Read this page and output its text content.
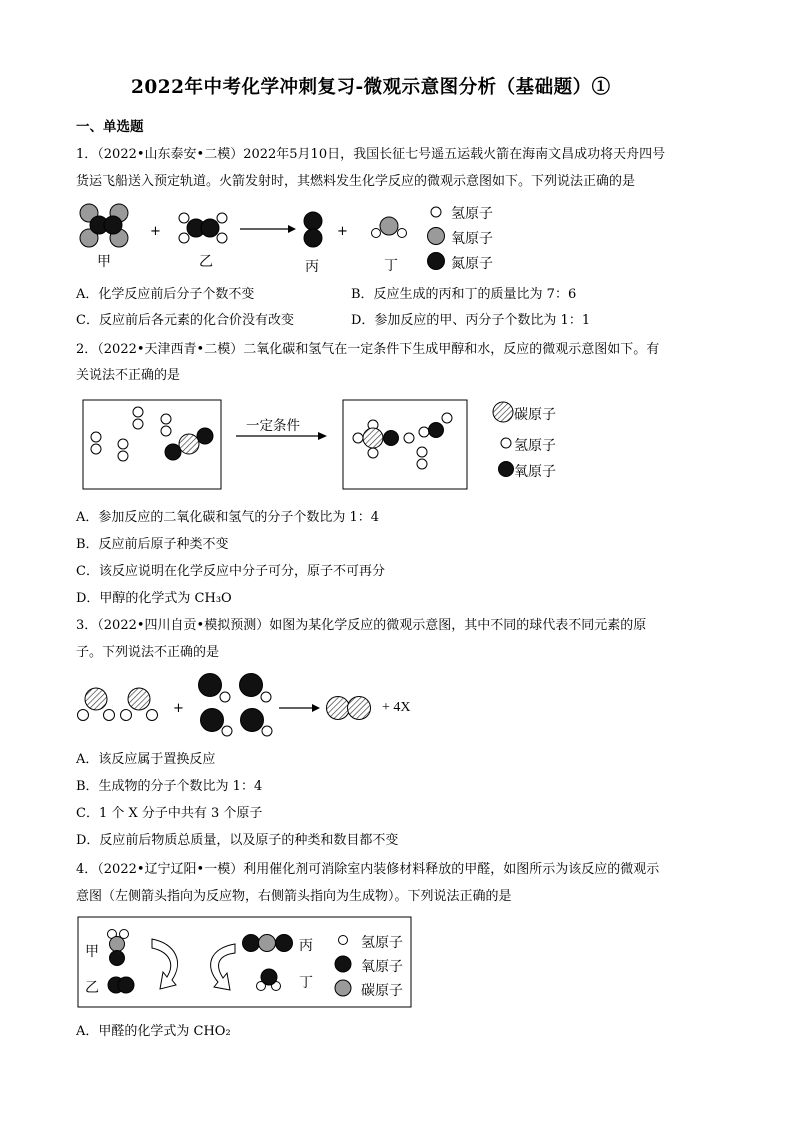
2022年中考化学冲刺复习-微观示意图分析（基础题）①
一、单选题
1．（2022•山东泰安•二模）2022年5月10日，我国长征七号遥五运载火箭在海南文昌成功将天舟四号
货运飞船送入预定轨道。火箭发射时，其燃料发生化学反应的微观示意图如下。下列说法正确的是
+	+
甲	乙	丙	丁
氢原子
氧原子
氮原子
A．化学反应前后分子个数不变	B．反应生成的丙和丁的质量比为 7：6
C．反应前后各元素的化合价没有改变	D．参加反应的甲、丙分子个数比为 1：1
2．（2022•天津西青•二模）二氧化碳和氢气在一定条件下生成甲醇和水，反应的微观示意图如下。有
关说法不正确的是
一定条件
碳原子
氢原子
氧原子
A．参加反应的二氧化碳和氢气的分子个数比为 1：4
B．反应前后原子种类不变
C．该反应说明在化学反应中分子可分，原子不可再分
D．甲醇的化学式为 CH₃O
3．（2022•四川自贡•模拟预测）如图为某化学反应的微观示意图，其中不同的球代表不同元素的原
子。下列说法不正确的是
+	+ 4X
A．该反应属于置换反应
B．生成物的分子个数比为 1：4
C．1 个 X 分子中共有 3 个原子
D．反应前后物质总质量，以及原子的种类和数目都不变
4．（2022•辽宁辽阳•一模）利用催化剂可消除室内装修材料释放的甲醛，如图所示为该反应的微观示
意图（左侧箭头指向为反应物，右侧箭头指向为生成物）。下列说法正确的是
甲
乙
丙
丁
氢原子
氧原子
碳原子
A．甲醛的化学式为 CHO₂
